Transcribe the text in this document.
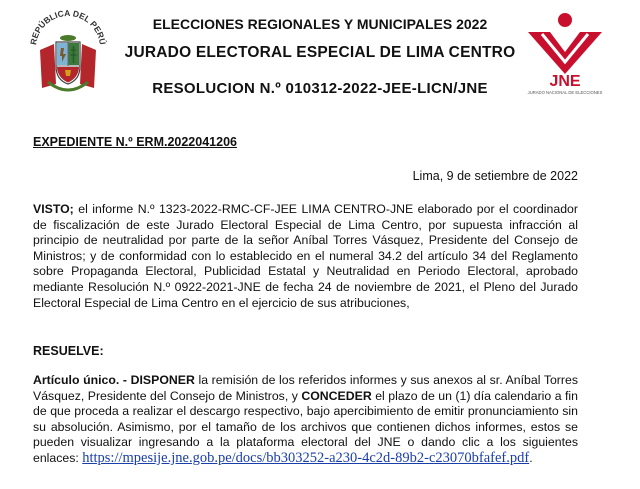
REPÚBLICA DEL PERÚ
ELECCIONES REGIONALES Y MUNICIPALES 2022
JURADO ELECTORAL ESPECIAL DE LIMA CENTRO
RESOLUCION N.º 010312-2022-JEE-LICN/JNE	JNE
JURADO NACIONAL DE ELECCIONES
EXPEDIENTE N.º ERM.2022041206
Lima, 9 de setiembre de 2022
VISTO; el informe N.º 1323-2022-RMC-CF-JEE LIMA CENTRO-JNE elaborado por el coordinador de fiscalización de este Jurado Electoral Especial de Lima Centro, por supuesta infracción al principio de neutralidad por parte de la señor Aníbal Torres Vásquez, Presidente del Consejo de Ministros; y de conformidad con lo establecido en el numeral 34.2 del artículo 34 del Reglamento sobre Propaganda Electoral, Publicidad Estatal y Neutralidad en Periodo Electoral, aprobado mediante Resolución N.º 0922-2021-JNE de fecha 24 de noviembre de 2021, el Pleno del Jurado Electoral Especial de Lima Centro en el ejercicio de sus atribuciones,
RESUELVE:
Artículo único. - DISPONER la remisión de los referidos informes y sus anexos al sr. Aníbal Torres Vásquez, Presidente del Consejo de Ministros, y CONCEDER el plazo de un (1) día calendario a fin de que proceda a realizar el descargo respectivo, bajo apercibimiento de emitir pronunciamiento sin su absolución. Asimismo, por el tamaño de los archivos que contienen dichos informes, estos se pueden visualizar ingresando a la plataforma electoral del JNE o dando clic a los siguientes enlaces: https://mpesije.jne.gob.pe/docs/bb303252-a230-4c2d-89b2-c23070bfafef.pdf.
